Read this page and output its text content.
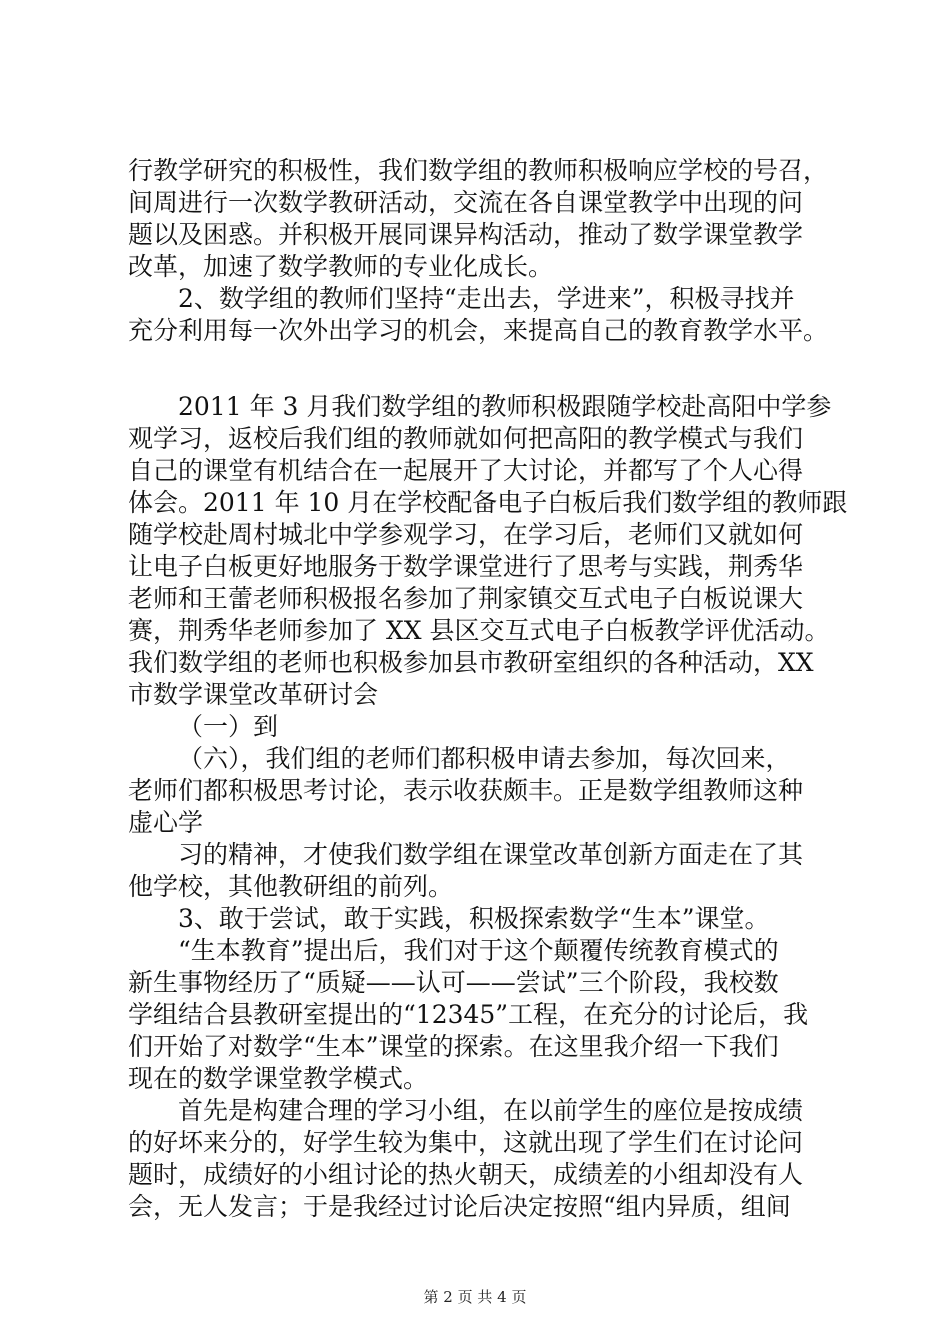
行教学研究的积极性，我们数学组的教师积极响应学校的号召，
间周进行一次数学教研活动，交流在各自课堂教学中出现的问
题以及困惑。并积极开展同课异构活动，推动了数学课堂教学
改革，加速了数学教师的专业化成长。
2、数学组的教师们坚持“走出去，学进来”，积极寻找并
充分利用每一次外出学习的机会，来提高自己的教育教学水平。
2011 年 3 月我们数学组的教师积极跟随学校赴高阳中学参
观学习，返校后我们组的教师就如何把高阳的教学模式与我们
自己的课堂有机结合在一起展开了大讨论，并都写了个人心得
体会。2011 年 10 月在学校配备电子白板后我们数学组的教师跟
随学校赴周村城北中学参观学习，在学习后，老师们又就如何
让电子白板更好地服务于数学课堂进行了思考与实践，荆秀华
老师和王蕾老师积极报名参加了荆家镇交互式电子白板说课大
赛，荆秀华老师参加了 XX 县区交互式电子白板教学评优活动。
我们数学组的老师也积极参加县市教研室组织的各种活动，XX
市数学课堂改革研讨会
（一）到
（六），我们组的老师们都积极申请去参加，每次回来，
老师们都积极思考讨论，表示收获颇丰。正是数学组教师这种
虚心学
习的精神，才使我们数学组在课堂改革创新方面走在了其
他学校，其他教研组的前列。
3、敢于尝试，敢于实践，积极探索数学“生本”课堂。
“生本教育”提出后，我们对于这个颠覆传统教育模式的
新生事物经历了“质疑——认可——尝试”三个阶段，我校数
学组结合县教研室提出的“12345”工程，在充分的讨论后，我
们开始了对数学“生本”课堂的探索。在这里我介绍一下我们
现在的数学课堂教学模式。
首先是构建合理的学习小组，在以前学生的座位是按成绩
的好坏来分的，好学生较为集中，这就出现了学生们在讨论问
题时，成绩好的小组讨论的热火朝天，成绩差的小组却没有人
会，无人发言；于是我经过讨论后决定按照“组内异质，组间
第 2 页 共 4 页
